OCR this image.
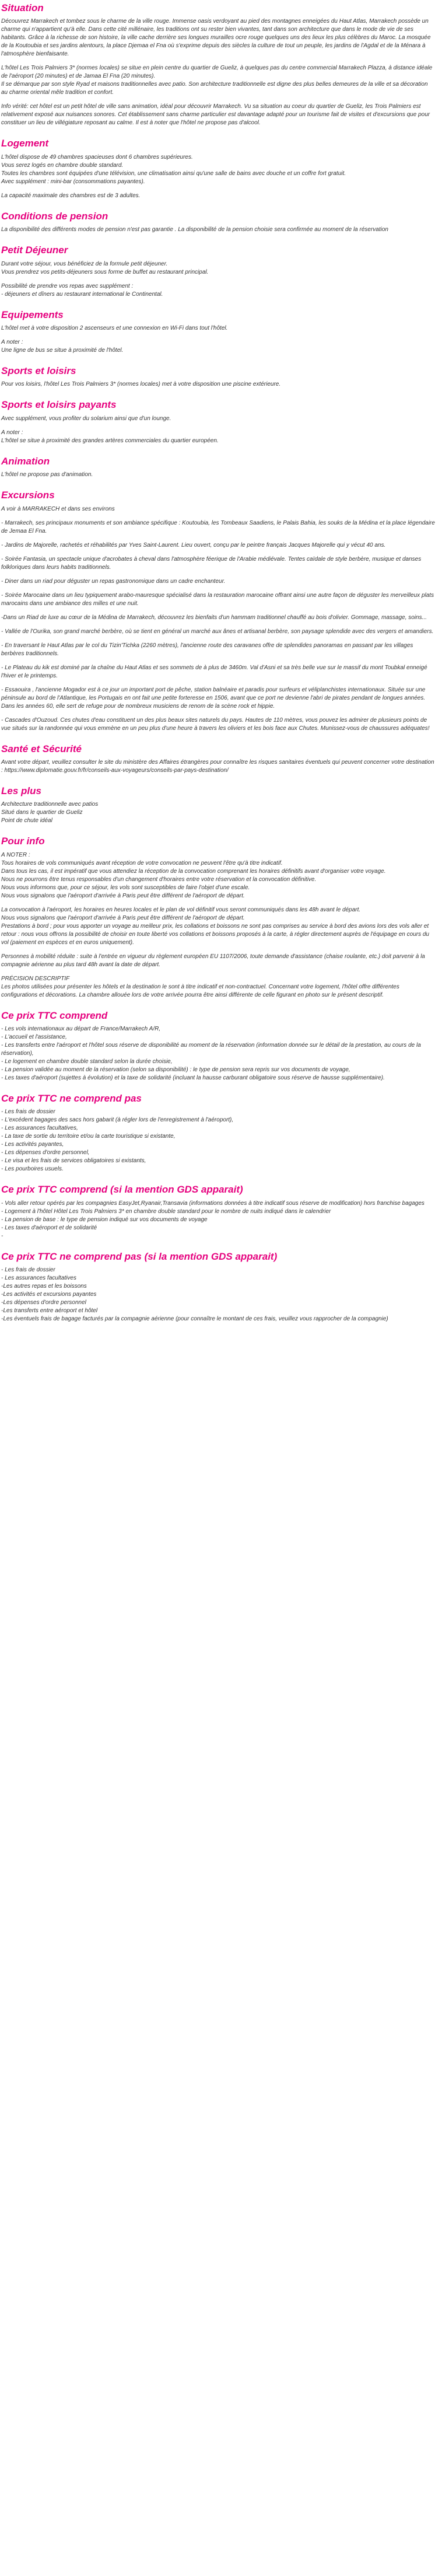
Situation

Découvrez Marrakech et tombez sous le charme de la ville rouge. Immense oasis verdoyant au pied des montagnes enneigées du Haut Atlas, Marrakech possède un charme qui n'appartient qu'à elle. Dans cette cité millénaire, les traditions ont su rester bien vivantes, tant dans son architecture que dans le mode de vie de ses habitants. Grâce à la richesse de son histoire, la ville cache derrière ses longues murailles ocre rouge quelques uns des lieux les plus célèbres du Maroc. La mosquée de la Koutoubia et ses jardins alentours, la place Djemaa el Fna où s'exprime depuis des siècles la culture de tout un peuple, les jardins de l'Agdal et de la Ménara à l'atmosphère bienfaisante.

L'hôtel Les Trois Palmiers 3* (normes locales) se situe en plein centre du quartier de Gueliz, à quelques pas du centre commercial Marrakech Plazza, à distance idéale de l'aéroport (20 minutes) et de Jamaa El Fna (20 minutes).
Il se démarque par son style Ryad et maisons traditionnelles avec patio. Son architecture traditionnelle est digne des plus belles demeures de la ville et sa décoration au charme oriental mêle tradition et confort.

Info vérité: cet hôtel est un petit hôtel de ville sans animation, idéal pour découvrir Marrakech. Vu sa situation au coeur du quartier de Gueliz, les Trois Palmiers est relativement exposé aux nuisances sonores. Cet établissement sans charme particulier est davantage adapté pour un tourisme fait de visites et d'excursions que pour constituer un lieu de villégiature reposant au calme. Il est à noter que l'hôtel ne propose pas d'alcool.

Logement

L'hôtel dispose de 49 chambres spacieuses dont 6 chambres supérieures.
Vous serez logés en chambre double standard.
Toutes les chambres sont équipées d'une télévision, une climatisation ainsi qu'une salle de bains avec douche et un coffre fort gratuit.
Avec supplément : mini-bar (consommations payantes).

La capacité maximale des chambres est de 3 adultes.

Conditions de pension

La disponibilité des différents modes de pension n'est pas garantie . La disponibilité de la pension choisie sera confirmée au moment de la réservation

Petit Déjeuner

Durant votre séjour, vous bénéficiez de la formule petit déjeuner.
Vous prendrez vos petits-déjeuners sous forme de buffet au restaurant principal.

Possibilité de prendre vos repas avec supplément :
- déjeuners et dîners au restaurant international le Continental.

Equipements

L'hôtel met à votre disposition 2 ascenseurs et une connexion en Wi-Fi dans tout l'hôtel.

A noter :
Une ligne de bus se situe à proximité de l'hôtel.

Sports et loisirs

Pour vos loisirs, l'hôtel Les Trois Palmiers 3* (normes locales) met à votre disposition une piscine extérieure.

Sports et loisirs payants

Avec supplément, vous profiter du solarium ainsi que d'un lounge.

A noter :
L'hôtel se situe à proximité des grandes artères commerciales du quartier européen.

Animation

L'hôtel ne propose pas d'animation.

Excursions

A voir à MARRAKECH et dans ses environs

- Marrakech, ses principaux monuments et son ambiance spécifique : Koutoubia, les Tombeaux Saadiens, le Palais Bahia, les souks de la Médina et la place légendaire de Jemaa El Fna.

- Jardins de Majorelle, rachetés et réhabilités par Yves Saint-Laurent. Lieu ouvert, conçu par le peintre français Jacques Majorelle qui y vécut 40 ans.

- Soirée Fantasia, un spectacle unique d'acrobates à cheval dans l'atmosphère féerique de l'Arabie médiévale. Tentes caïdale de style berbère, musique et danses folkloriques dans leurs habits traditionnels.

- Diner dans un riad pour déguster un repas gastronomique dans un cadre enchanteur.

- Soirée Marocaine dans un lieu typiquement arabo-mauresque spécialisé dans la restauration marocaine offrant ainsi une autre façon de déguster les merveilleux plats marocains dans une ambiance des milles et une nuit.

-Dans un Riad de luxe au cœur de la Médina de Marrakech, découvrez les bienfaits d'un hammam traditionnel chauffé au bois d'olivier. Gommage, massage, soins...

- Vallée de l'Ourika, son grand marché berbère, où se tient en général un marché aux ânes et artisanal berbère, son paysage splendide avec des vergers et amandiers.

- En traversant le Haut Atlas par le col du Tizin'Tichka (2260 mètres), l'ancienne route des caravanes offre de splendides panoramas en passant par les villages berbères traditionnels.

- Le Plateau du kik est dominé par la chaîne du Haut Atlas et ses sommets de à plus de 3460m. Val d'Asni et sa très belle vue sur le massif du mont Toubkal enneigé l'hiver et le printemps.

- Essaouira , l'ancienne Mogador est à ce jour un important port de pêche, station balnéaire et paradis pour surfeurs et véliplanchistes internationaux. Située sur une péninsule au bord de l'Atlantique, les Portugais en ont fait une petite forteresse en 1506, avant que ce port ne devienne l'abri de pirates pendant de longues années. Dans les années 60, elle sert de refuge pour de nombreux musiciens de renom de la scène rock et hippie.

- Cascades d'Ouzoud. Ces chutes d'eau constituent un des plus beaux sites naturels du pays. Hautes de 110 mètres, vous pouvez les admirer de plusieurs points de vue situés sur la randonnée qui vous emmène en un peu plus d'une heure à travers les oliviers et les bois face aux Chutes. Munissez-vous de chaussures adéquates!

Santé et Sécurité

Avant votre départ, veuillez consulter le site du ministère des Affaires étrangères pour connaître les risques sanitaires éventuels qui peuvent concerner votre destination : https://www.diplomatie.gouv.fr/fr/conseils-aux-voyageurs/conseils-par-pays-destination/

Les plus

Architecture traditionnelle avec patios
Situé dans le quartier de Gueliz
Point de chute idéal

Pour info

A NOTER :
Tous horaires de vols communiqués avant réception de votre convocation ne peuvent l'être qu'à titre indicatif.
Dans tous les cas, il est impératif que vous attendiez la réception de la convocation comprenant les horaires définitifs avant d'organiser votre voyage.
Nous ne pourrons être tenus responsables d'un changement d'horaires entre votre réservation et la convocation définitive.
Nous vous informons que, pour ce séjour, les vols sont susceptibles de faire l'objet d'une escale.
Nous vous signalons que l'aéroport d'arrivée à Paris peut être différent de l'aéroport de départ.

La convocation à l'aéroport, les horaires en heures locales et le plan de vol définitif vous seront communiqués dans les 48h avant le départ.
Nous vous signalons que l'aéroport d'arrivée à Paris peut être différent de l'aéroport de départ.
Prestations à bord ; pour vous apporter un voyage au meilleur prix, les collations et boissons ne sont pas comprises au service à bord des avions lors des vols aller et retour : nous vous offrons la possibilité de choisir en toute liberté vos collations et boissons proposés à la carte, à régler directement auprès de l'équipage en cours du vol (paiement en espèces et en euros uniquement).

Personnes à mobilité réduite : suite à l'entrée en vigueur du règlement européen EU 1107/2006, toute demande d'assistance (chaise roulante, etc.) doit parvenir à la compagnie aérienne au plus tard 48h avant la date de départ.

PRÉCISION DESCRIPTIF
Les photos utilisées pour présenter les hôtels et la destination le sont à titre indicatif et non-contractuel. Concernant votre logement, l'hôtel offre différentes configurations et décorations. La chambre allouée lors de votre arrivée pourra être ainsi différente de celle figurant en photo sur le présent descriptif.

Ce prix TTC comprend

- Les vols internationaux au départ de France/Marrakech A/R,
- L'accueil et l'assistance,
- Les transferts entre l'aéroport et l'hôtel sous réserve de disponibilité au moment de la réservation (information donnée sur le détail de la prestation, au cours de la réservation),
- Le logement en chambre double standard selon la durée choisie,
- La pension validée au moment de la réservation (selon sa disponibilité) : le type de pension sera repris sur vos documents de voyage,
- Les taxes d'aéroport (sujettes à évolution) et la taxe de solidarité (incluant la hausse carburant obligatoire sous réserve de hausse supplémentaire).

Ce prix TTC ne comprend pas

- Les frais de dossier
- L'excédent bagages des sacs hors gabarit (à régler lors de l'enregistrement à l'aéroport),
- Les assurances facultatives,
- La taxe de sortie du territoire et/ou la carte touristique si existante,
- Les activités payantes,
- Les dépenses d'ordre personnel,
- Le visa et les frais de services obligatoires si existants,
- Les pourboires usuels.

Ce prix TTC comprend (si la mention GDS apparait)

- Vols aller retour opérés par les compagnies EasyJet,Ryanair,Transavia (informations données à titre indicatif sous réserve de modification) hors franchise bagages
- Logement à l'hôtel Hôtel Les Trois Palmiers 3* en chambre double standard pour le nombre de nuits indiqué dans le calendrier
- La pension de base : le type de pension indiqué sur vos documents de voyage
- Les taxes d'aéroport et de solidarité
-

Ce prix TTC ne comprend pas (si la mention GDS apparait)

- Les frais de dossier
- Les assurances facultatives
-Les autres repas et les boissons
-Les activités et excursions payantes
-Les dépenses d'ordre personnel
-Les transferts entre aéroport et hôtel
-Les éventuels frais de bagage facturés par la compagnie aérienne (pour connaître le montant de ces frais, veuillez vous rapprocher de la compagnie)
